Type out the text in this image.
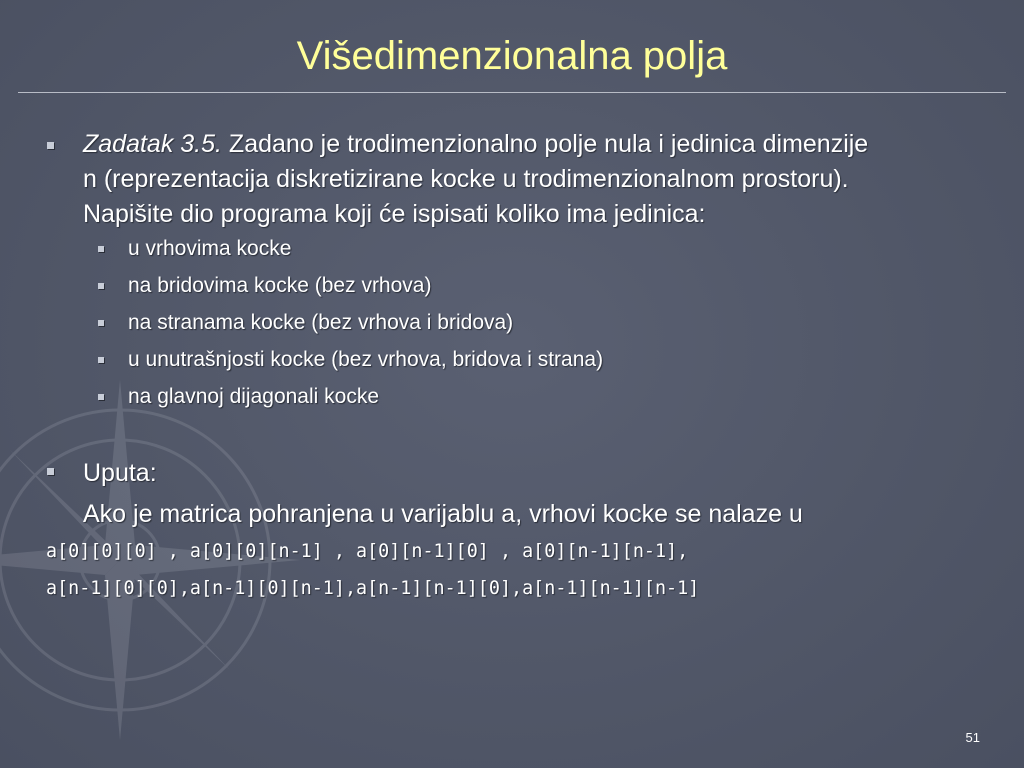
Višedimenzionalna polja
Zadatak 3.5. Zadano je trodimenzionalno polje nula i jedinica dimenzije
n (reprezentacija diskretizirane kocke u trodimenzionalnom prostoru).
Napišite dio programa koji će ispisati koliko ima jedinica:
u vrhovima kocke
na bridovima kocke (bez vrhova)
na stranama kocke (bez vrhova i bridova)
u unutrašnjosti kocke (bez vrhova, bridova i strana)
na glavnoj dijagonali kocke
Uputa:
Ako je matrica pohranjena u varijablu a, vrhovi kocke se nalaze u
a[0][0][0] , a[0][0][n-1] , a[0][n-1][0] , a[0][n-1][n-1],
a[n-1][0][0],a[n-1][0][n-1],a[n-1][n-1][0],a[n-1][n-1][n-1]
51
